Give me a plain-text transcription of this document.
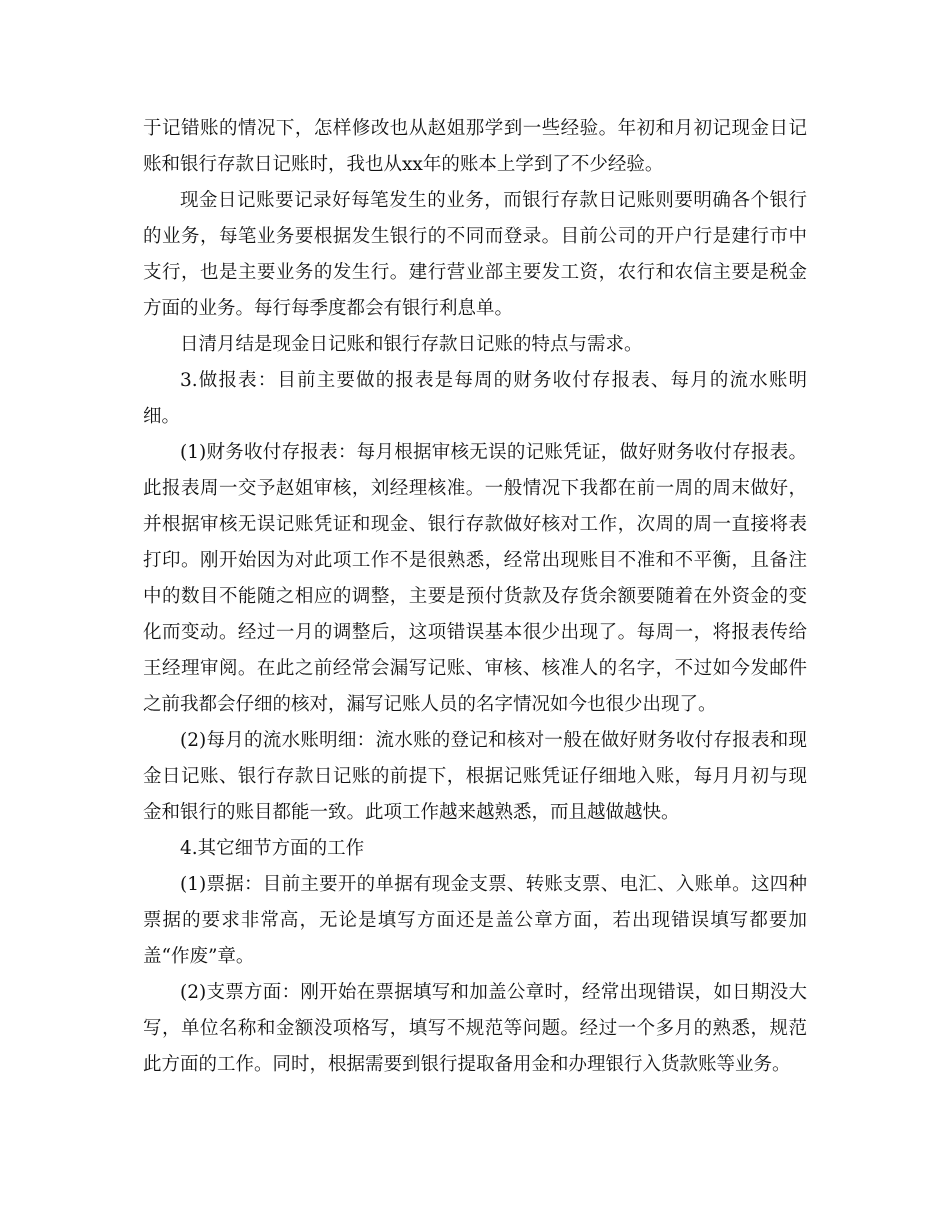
于记错账的情况下，怎样修改也从赵姐那学到一些经验。年初和月初记现金日记账和银行存款日记账时，我也从xx年的账本上学到了不少经验。

现金日记账要记录好每笔发生的业务，而银行存款日记账则要明确各个银行的业务，每笔业务要根据发生银行的不同而登录。目前公司的开户行是建行市中支行，也是主要业务的发生行。建行营业部主要发工资，农行和农信主要是税金方面的业务。每行每季度都会有银行利息单。

日清月结是现金日记账和银行存款日记账的特点与需求。

3.做报表：目前主要做的报表是每周的财务收付存报表、每月的流水账明细。

(1)财务收付存报表：每月根据审核无误的记账凭证，做好财务收付存报表。此报表周一交予赵姐审核，刘经理核准。一般情况下我都在前一周的周末做好，并根据审核无误记账凭证和现金、银行存款做好核对工作，次周的周一直接将表打印。刚开始因为对此项工作不是很熟悉，经常出现账目不准和不平衡，且备注中的数目不能随之相应的调整，主要是预付货款及存货余额要随着在外资金的变化而变动。经过一月的调整后，这项错误基本很少出现了。每周一，将报表传给王经理审阅。在此之前经常会漏写记账、审核、核准人的名字，不过如今发邮件之前我都会仔细的核对，漏写记账人员的名字情况如今也很少出现了。

(2)每月的流水账明细：流水账的登记和核对一般在做好财务收付存报表和现金日记账、银行存款日记账的前提下，根据记账凭证仔细地入账，每月月初与现金和银行的账目都能一致。此项工作越来越熟悉，而且越做越快。

4.其它细节方面的工作

(1)票据：目前主要开的单据有现金支票、转账支票、电汇、入账单。这四种票据的要求非常高，无论是填写方面还是盖公章方面，若出现错误填写都要加盖“作废”章。

(2)支票方面：刚开始在票据填写和加盖公章时，经常出现错误，如日期没大写，单位名称和金额没项格写，填写不规范等问题。经过一个多月的熟悉，规范此方面的工作。同时，根据需要到银行提取备用金和办理银行入货款账等业务。
